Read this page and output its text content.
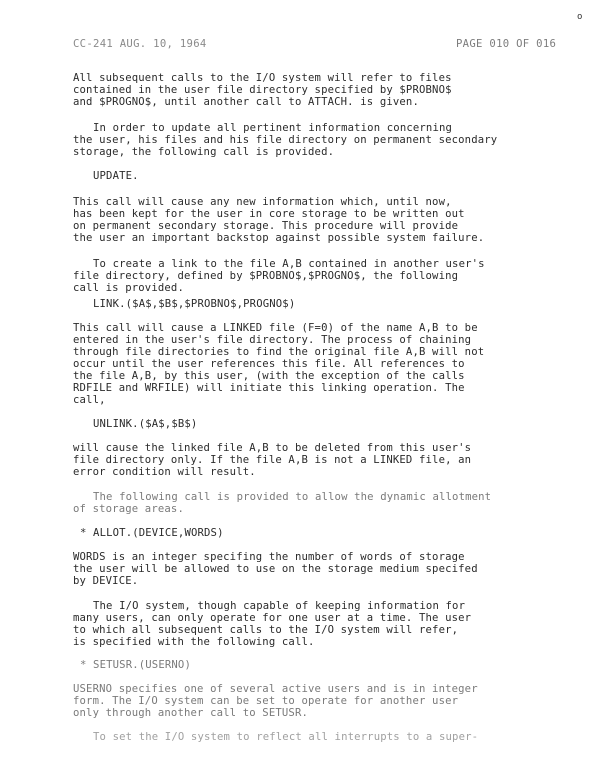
o
CC-241 AUG. 10, 1964	PAGE 010 OF 016
All subsequent calls to the I/O system will refer to files
contained in the user file directory specified by $PROBNO$
and $PROGNO$, until another call to ATTACH. is given.
In order to update all pertinent information concerning
the user, his files and his file directory on permanent secondary
storage, the following call is provided.
UPDATE.
This call will cause any new information which, until now,
has been kept for the user in core storage to be written out
on permanent secondary storage. This procedure will provide
the user an important backstop against possible system failure.
To create a link to the file A,B contained in another user's
file directory, defined by $PROBNO$,$PROGNO$, the following
call is provided.
LINK.($A$,$B$,$PROBNO$,PROGNO$)
This call will cause a LINKED file (F=0) of the name A,B to be
entered in the user's file directory. The process of chaining
through file directories to find the original file A,B will not
occur until the user references this file. All references to
the file A,B, by this user, (with the exception of the calls
RDFILE and WRFILE) will initiate this linking operation. The
call,
UNLINK.($A$,$B$)
will cause the linked file A,B to be deleted from this user's
file directory only. If the file A,B is not a LINKED file, an
error condition will result.
The following call is provided to allow the dynamic allotment
of storage areas.
* ALLOT.(DEVICE,WORDS)
WORDS is an integer specifing the number of words of storage
the user will be allowed to use on the storage medium specifed
by DEVICE.
The I/O system, though capable of keeping information for
many users, can only operate for one user at a time. The user
to which all subsequent calls to the I/O system will refer,
is specified with the following call.
* SETUSR.(USERNO)
USERNO specifies one of several active users and is in integer
form. The I/O system can be set to operate for another user
only through another call to SETUSR.
To set the I/O system to reflect all interrupts to a super-
